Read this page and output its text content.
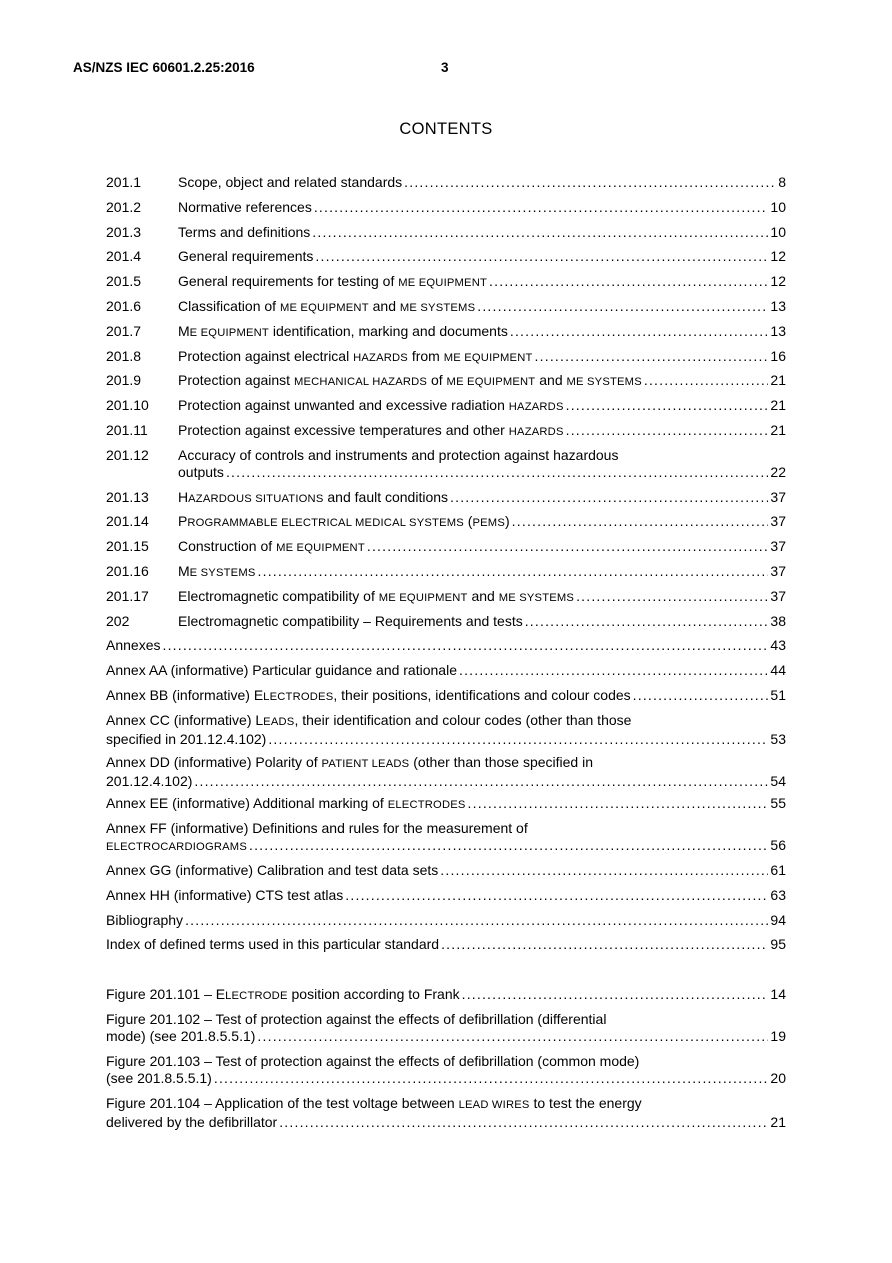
AS/NZS IEC 60601.2.25:2016	3
CONTENTS
201.1	Scope, object and related standards .....	8
201.2	Normative references .....	10
201.3	Terms and definitions .....	10
201.4	General requirements .....	12
201.5	General requirements for testing of ME EQUIPMENT .....	12
201.6	Classification of ME EQUIPMENT and ME SYSTEMS .....	13
201.7	ME EQUIPMENT identification, marking and documents .....	13
201.8	Protection against electrical HAZARDS from ME EQUIPMENT .....	16
201.9	Protection against MECHANICAL HAZARDS of ME EQUIPMENT and ME SYSTEMS .....	21
201.10	Protection against unwanted and excessive radiation HAZARDS .....	21
201.11	Protection against excessive temperatures and other HAZARDS .....	21
201.12 Accuracy of controls and instruments and protection against hazardous
outputs .....	22
201.13	HAZARDOUS SITUATIONS and fault conditions .....	37
201.14	PROGRAMMABLE ELECTRICAL MEDICAL SYSTEMS (PEMS) .....	37
201.15	Construction of ME EQUIPMENT .....	37
201.16	ME SYSTEMS .....	37
201.17	Electromagnetic compatibility of ME EQUIPMENT and ME SYSTEMS .....	37
202	Electromagnetic compatibility – Requirements and tests .....	38
Annexes .....	43
Annex AA (informative) Particular guidance and rationale .....	44
Annex BB (informative) ELECTRODES, their positions, identifications and colour codes .....	51
Annex CC (informative) LEADS, their identification and colour codes (other than those
specified in 201.12.4.102) .....	53
Annex DD (informative) Polarity of PATIENT LEADS (other than those specified in
201.12.4.102) .....	54
Annex EE (informative) Additional marking of ELECTRODES .....	55
Annex FF (informative) Definitions and rules for the measurement of
ELECTROCARDIOGRAMS .....	56
Annex GG (informative) Calibration and test data sets .....	61
Annex HH (informative) CTS test atlas .....	63
Bibliography .....	94
Index of defined terms used in this particular standard .....	95
Figure 201.101 – ELECTRODE position according to Frank .....	14
Figure 201.102 – Test of protection against the effects of defibrillation (differential
mode) (see 201.8.5.5.1) .....	19
Figure 201.103 – Test of protection against the effects of defibrillation (common mode)
(see 201.8.5.5.1) .....	20
Figure 201.104 – Application of the test voltage between LEAD WIRES to test the energy
delivered by the defibrillator .....	21
